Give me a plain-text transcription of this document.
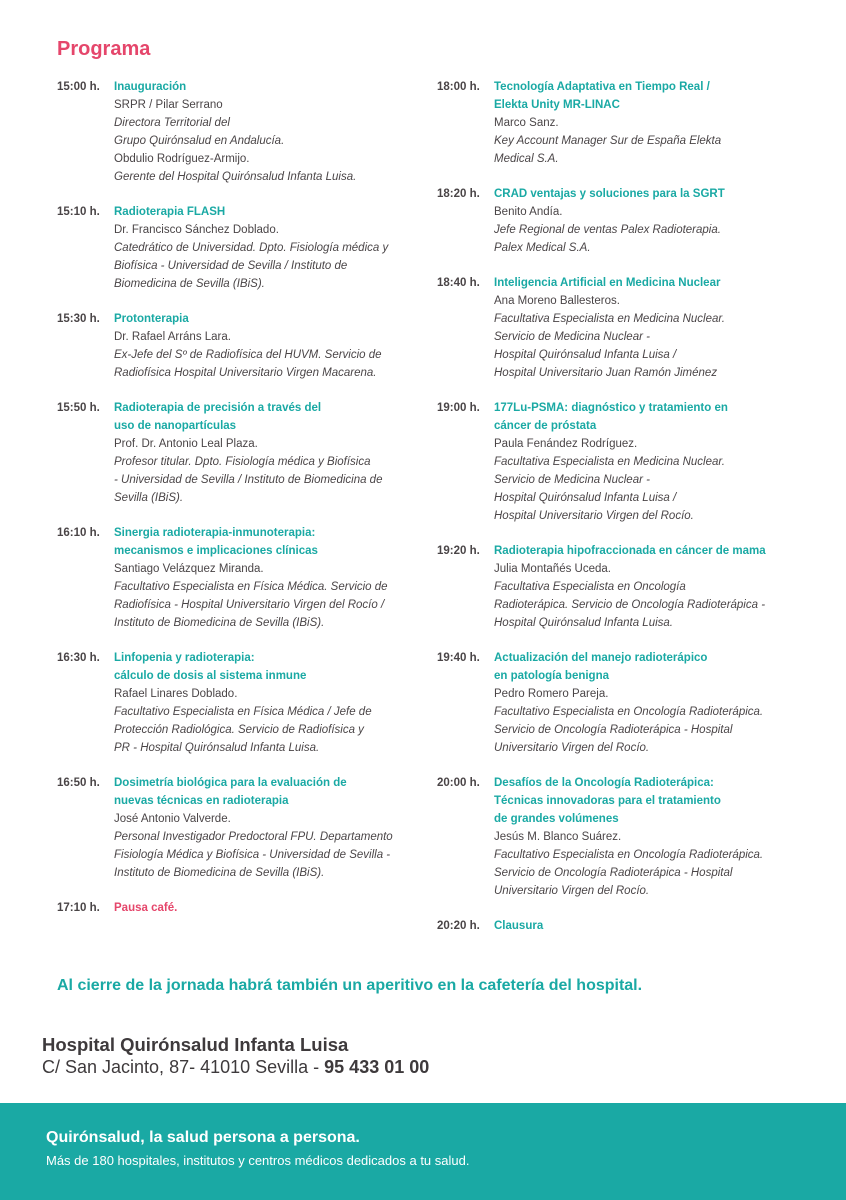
Programa
15:00 h.	Inauguración
SRPR / Pilar Serrano
Directora Territorial del
Grupo Quirónsalud en Andalucía.
Obdulio Rodríguez-Armijo.
Gerente del Hospital Quirónsalud Infanta Luisa.
15:10 h.	Radioterapia FLASH
Dr. Francisco Sánchez Doblado.
Catedrático de Universidad. Dpto. Fisiología médica y
Biofísica - Universidad de Sevilla / Instituto de
Biomedicina de Sevilla (IBiS).
15:30 h.	Protonterapia
Dr. Rafael Arráns Lara.
Ex-Jefe del Sº de Radiofísica del HUVM. Servicio de
Radiofísica Hospital Universitario Virgen Macarena.
15:50 h.	Radioterapia de precisión a través del
uso de nanopartículas
Prof. Dr. Antonio Leal Plaza.
Profesor titular. Dpto. Fisiología médica y Biofísica
- Universidad de Sevilla / Instituto de Biomedicina de
Sevilla (IBiS).
16:10 h.	Sinergia radioterapia-inmunoterapia:
mecanismos e implicaciones clínicas
Santiago Velázquez Miranda.
Facultativo Especialista en Física Médica. Servicio de
Radiofísica - Hospital Universitario Virgen del Rocío /
Instituto de Biomedicina de Sevilla (IBiS).
16:30 h.	Linfopenia y radioterapia:
cálculo de dosis al sistema inmune
Rafael Linares Doblado.
Facultativo Especialista en Física Médica / Jefe de
Protección Radiológica. Servicio de Radiofísica y
PR - Hospital Quirónsalud Infanta Luisa.
16:50 h.	Dosimetría biológica para la evaluación de
nuevas técnicas en radioterapia
José Antonio Valverde.
Personal Investigador Predoctoral FPU. Departamento
Fisiología Médica y Biofísica - Universidad de Sevilla -
Instituto de Biomedicina de Sevilla (IBiS).
17:10 h.	Pausa café.
18:00 h.	Tecnología Adaptativa en Tiempo Real /
Elekta Unity MR-LINAC
Marco Sanz.
Key Account Manager Sur de España Elekta
Medical S.A.
18:20 h.	CRAD ventajas y soluciones para la SGRT
Benito Andía.
Jefe Regional de ventas Palex Radioterapia.
Palex Medical S.A.
18:40 h.	Inteligencia Artificial en Medicina Nuclear
Ana Moreno Ballesteros.
Facultativa Especialista en Medicina Nuclear.
Servicio de Medicina Nuclear -
Hospital Quirónsalud Infanta Luisa /
Hospital Universitario Juan Ramón Jiménez
19:00 h.	177Lu-PSMA: diagnóstico y tratamiento en
cáncer de próstata
Paula Fenández Rodríguez.
Facultativa Especialista en Medicina Nuclear.
Servicio de Medicina Nuclear -
Hospital Quirónsalud Infanta Luisa /
Hospital Universitario Virgen del Rocío.
19:20 h.	Radioterapia hipofraccionada en cáncer de mama
Julia Montañés Uceda.
Facultativa Especialista en Oncología
Radioterápica. Servicio de Oncología Radioterápica -
Hospital Quirónsalud Infanta Luisa.
19:40 h.	Actualización del manejo radioterápico
en patología benigna
Pedro Romero Pareja.
Facultativo Especialista en Oncología Radioterápica.
Servicio de Oncología Radioterápica - Hospital
Universitario Virgen del Rocío.
20:00 h.	Desafíos de la Oncología Radioterápica:
Técnicas innovadoras para el tratamiento
de grandes volúmenes
Jesús M. Blanco Suárez.
Facultativo Especialista en Oncología Radioterápica.
Servicio de Oncología Radioterápica - Hospital
Universitario Virgen del Rocío.
20:20 h.	Clausura

Al cierre de la jornada habrá también un aperitivo en la cafetería del hospital.

Hospital Quirónsalud Infanta Luisa

C/ San Jacinto, 87- 41010 Sevilla - 95 433 01 00

Quirónsalud, la salud persona a persona.

Más de 180 hospitales, institutos y centros médicos dedicados a tu salud.
